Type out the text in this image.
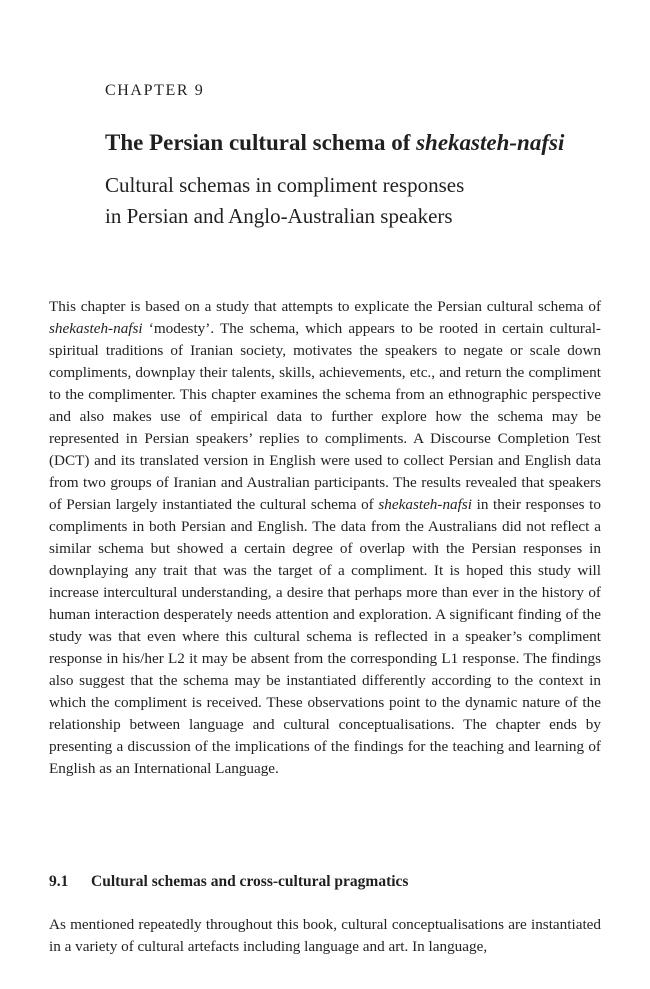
CHAPTER 9
The Persian cultural schema of shekasteh-nafsi
Cultural schemas in compliment responses
in Persian and Anglo-Australian speakers

This chapter is based on a study that attempts to explicate the Persian cultural schema of shekasteh-nafsi ‘modesty’. The schema, which appears to be rooted in certain cultural-spiritual traditions of Iranian society, motivates the speakers to negate or scale down compliments, downplay their talents, skills, achievements, etc., and return the compliment to the complimenter. This chapter examines the schema from an ethnographic perspective and also makes use of empirical data to further explore how the schema may be represented in Persian speakers’ replies to compliments. A Discourse Completion Test (DCT) and its translated version in English were used to collect Persian and English data from two groups of Iranian and Australian participants. The results revealed that speakers of Persian largely instantiated the cultural schema of shekasteh-nafsi in their responses to compliments in both Persian and English. The data from the Australians did not reflect a similar schema but showed a certain degree of overlap with the Persian responses in downplaying any trait that was the target of a compliment. It is hoped this study will increase intercultural understanding, a desire that perhaps more than ever in the history of human interaction desperately needs attention and exploration. A significant finding of the study was that even where this cultural schema is reflected in a speaker’s compliment response in his/her L2 it may be absent from the corresponding L1 response. The findings also suggest that the schema may be instantiated differently according to the context in which the compliment is received. These observations point to the dynamic nature of the relationship between language and cultural conceptualisations. The chapter ends by presenting a discussion of the implications of the findings for the teaching and learning of English as an International Language.

9.1 Cultural schemas and cross-cultural pragmatics

As mentioned repeatedly throughout this book, cultural conceptualisations are instantiated in a variety of cultural artefacts including language and art. In language,
